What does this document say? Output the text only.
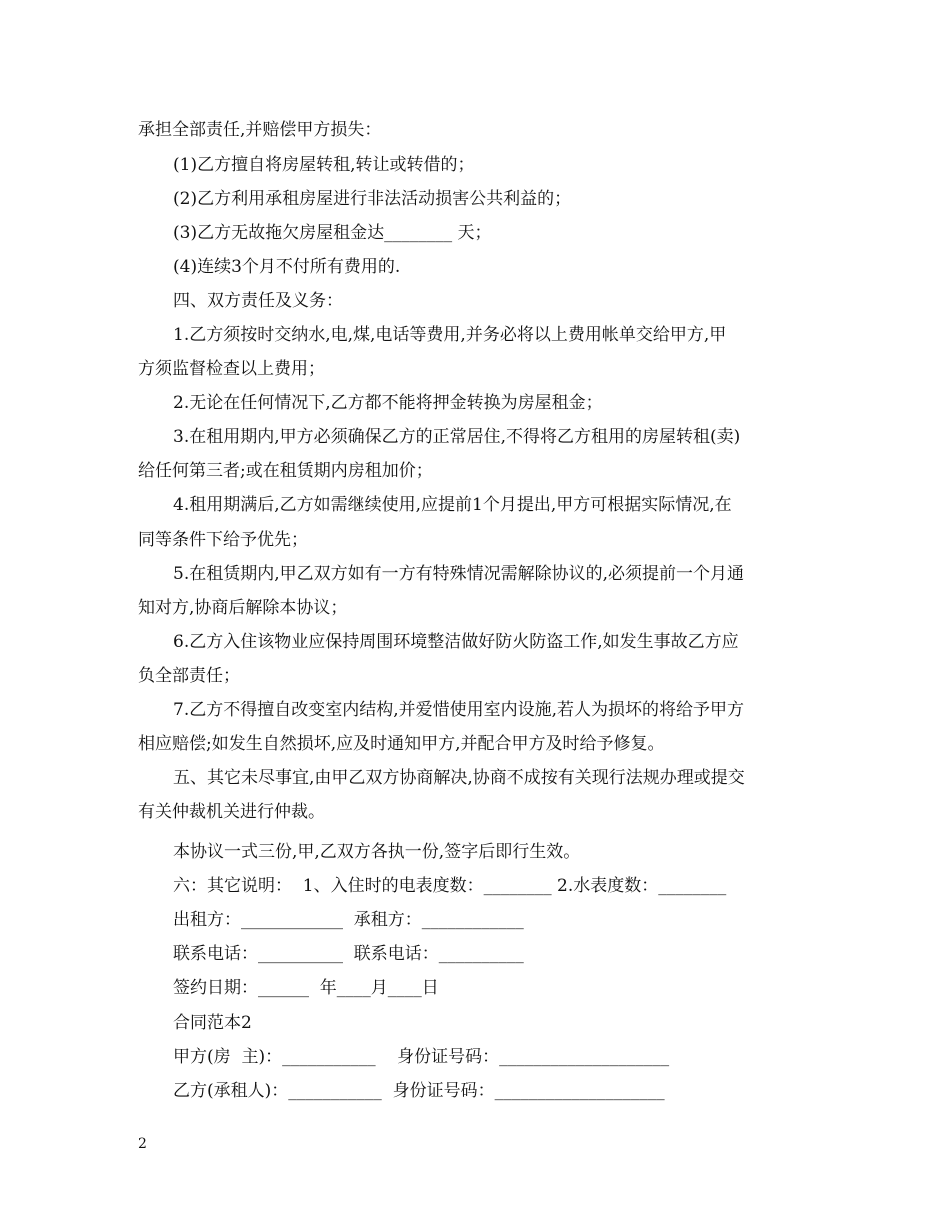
承担全部责任,并赔偿甲方损失：
(1)乙方擅自将房屋转租,转让或转借的；
(2)乙方利用承租房屋进行非法活动损害公共利益的；
(3)乙方无故拖欠房屋租金达________ 天；
(4)连续3个月不付所有费用的.
四、双方责任及义务：
1.乙方须按时交纳水,电,煤,电话等费用,并务必将以上费用帐单交给甲方,甲
方须监督检查以上费用；
2.无论在任何情况下,乙方都不能将押金转换为房屋租金；
3.在租用期内,甲方必须确保乙方的正常居住,不得将乙方租用的房屋转租(卖)
给任何第三者;或在租赁期内房租加价；
4.租用期满后,乙方如需继续使用,应提前1个月提出,甲方可根据实际情况,在
同等条件下给予优先；
5.在租赁期内,甲乙双方如有一方有特殊情况需解除协议的,必须提前一个月通
知对方,协商后解除本协议；
6.乙方入住该物业应保持周围环境整洁做好防火防盗工作,如发生事故乙方应
负全部责任；
7.乙方不得擅自改变室内结构,并爱惜使用室内设施,若人为损坏的将给予甲方
相应赔偿;如发生自然损坏,应及时通知甲方,并配合甲方及时给予修复。
五、其它未尽事宜,由甲乙双方协商解决,协商不成按有关现行法规办理或提交
有关仲裁机关进行仲裁。
本协议一式三份,甲,乙双方各执一份,签字后即行生效。
六：其它说明：  1、入住时的电表度数：________ 2.水表度数：________
出租方：____________  承租方：____________
联系电话：__________  联系电话：__________
签约日期：______  年____月____日
合同范本2
甲方(房  主)：___________    身份证号码：____________________
乙方(承租人)：___________  身份证号码：____________________
2
